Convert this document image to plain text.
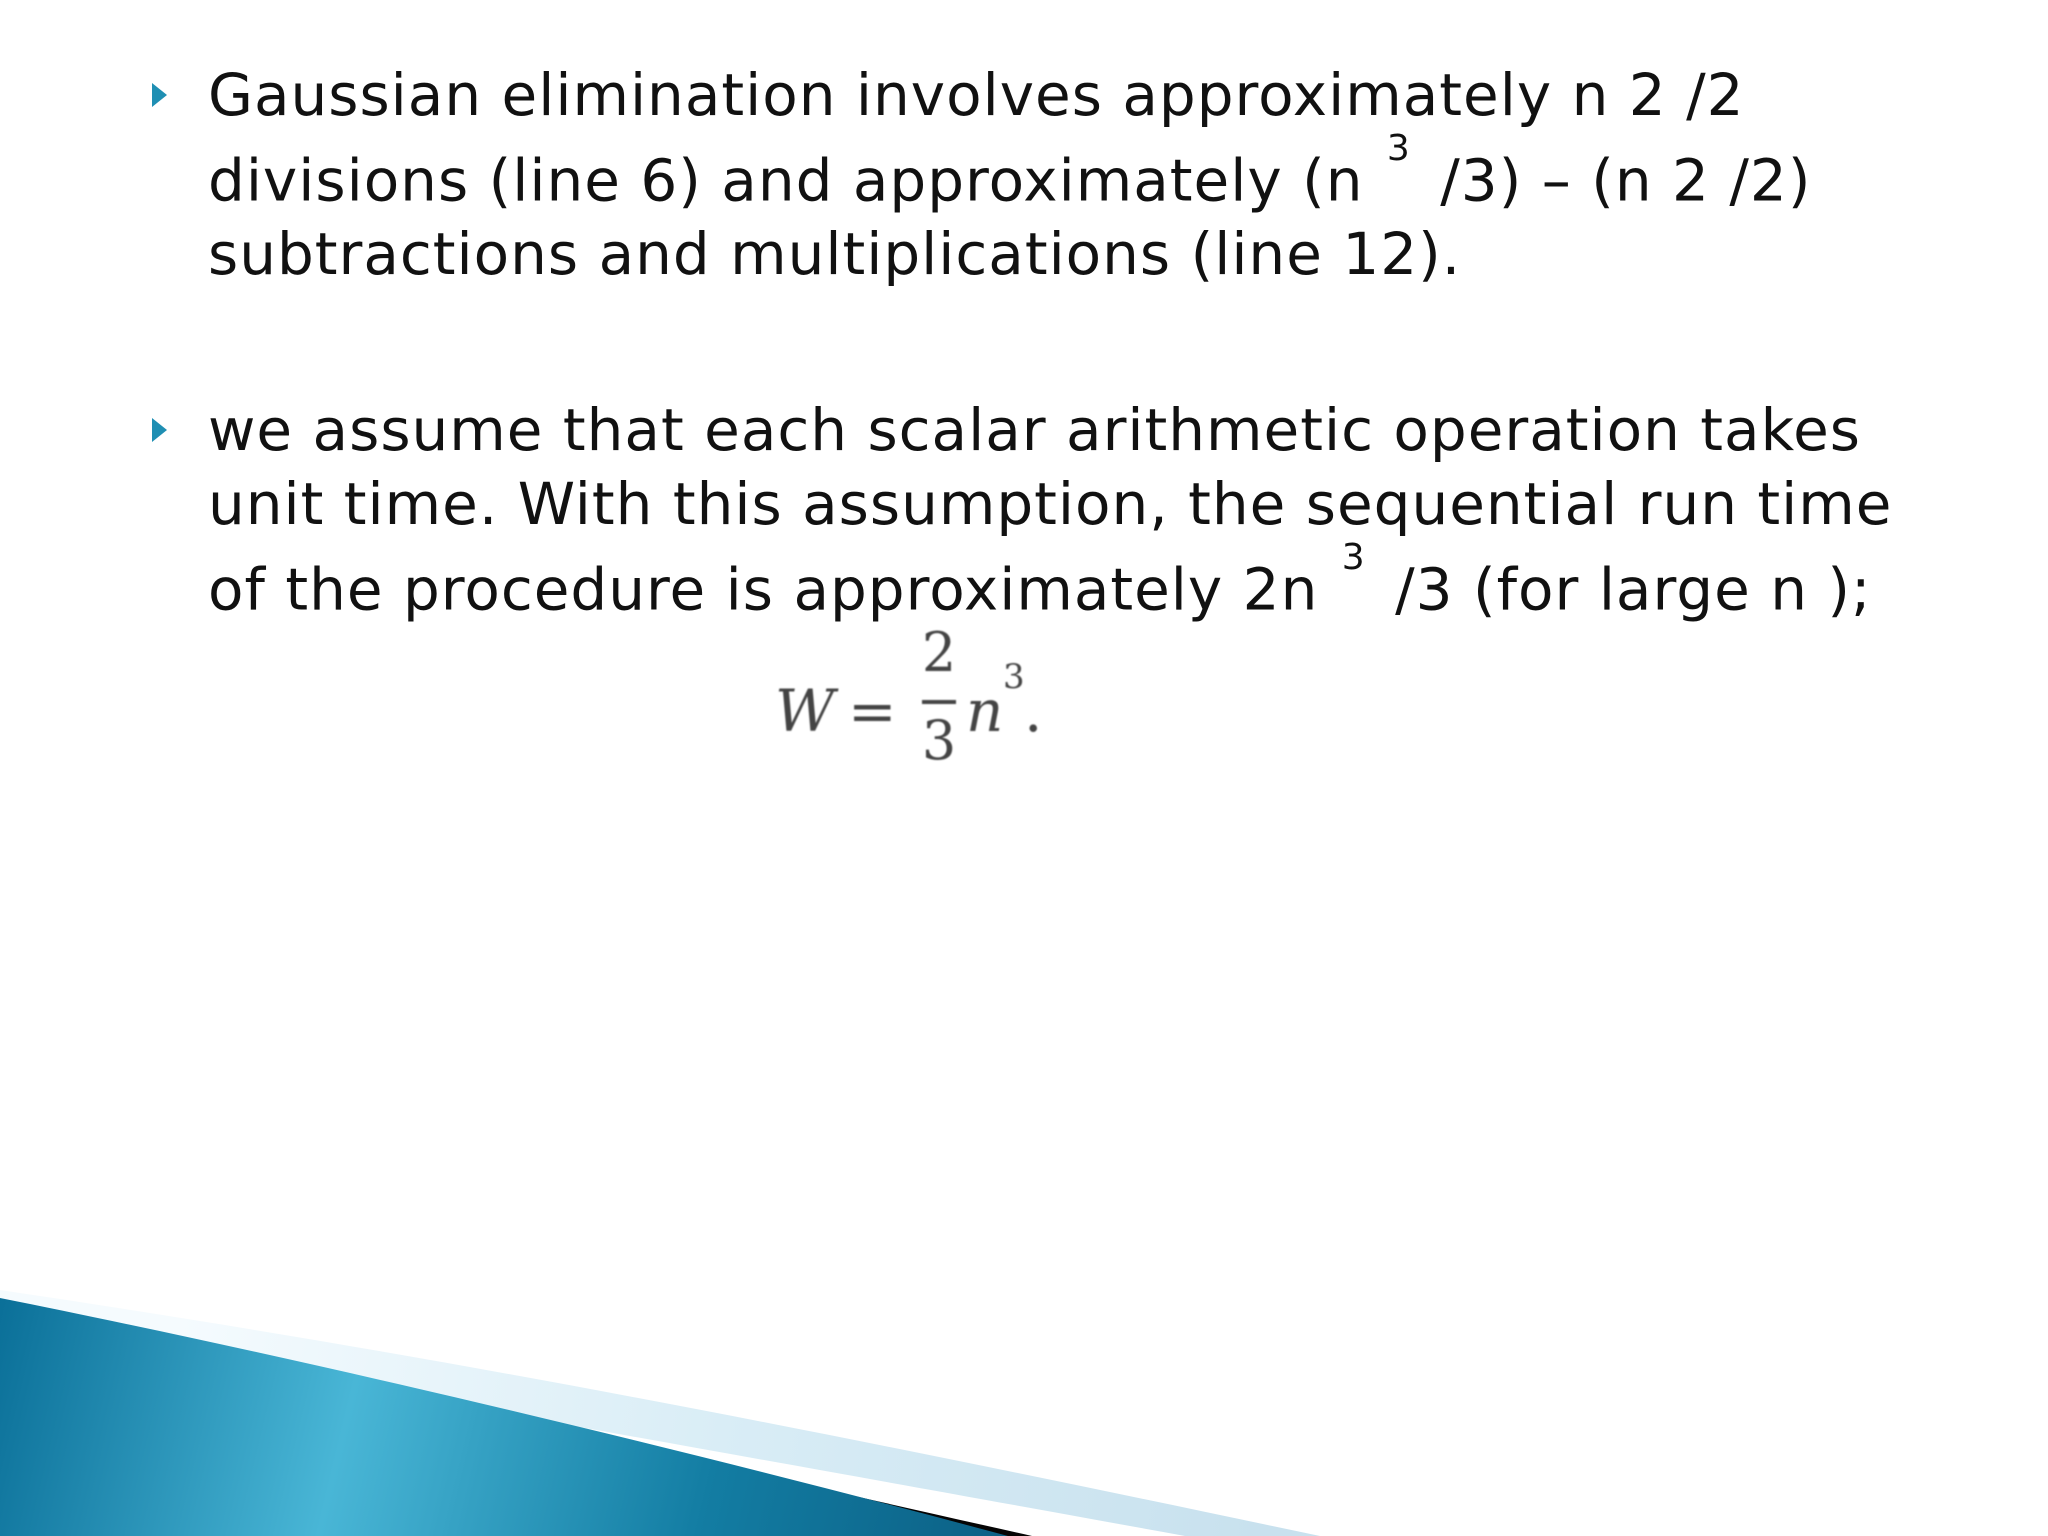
Gaussian elimination involves approximately n 2 /2
divisions (line 6) and approximately (n $^3$ /3) – (n 2 /2)
subtractions and multiplications (line 12).
we assume that each scalar arithmetic operation takes
unit time. With this assumption, the sequential run time
of the procedure is approximately 2n $^3$ /3 (for large n );
W =
2
3 n 3 .
